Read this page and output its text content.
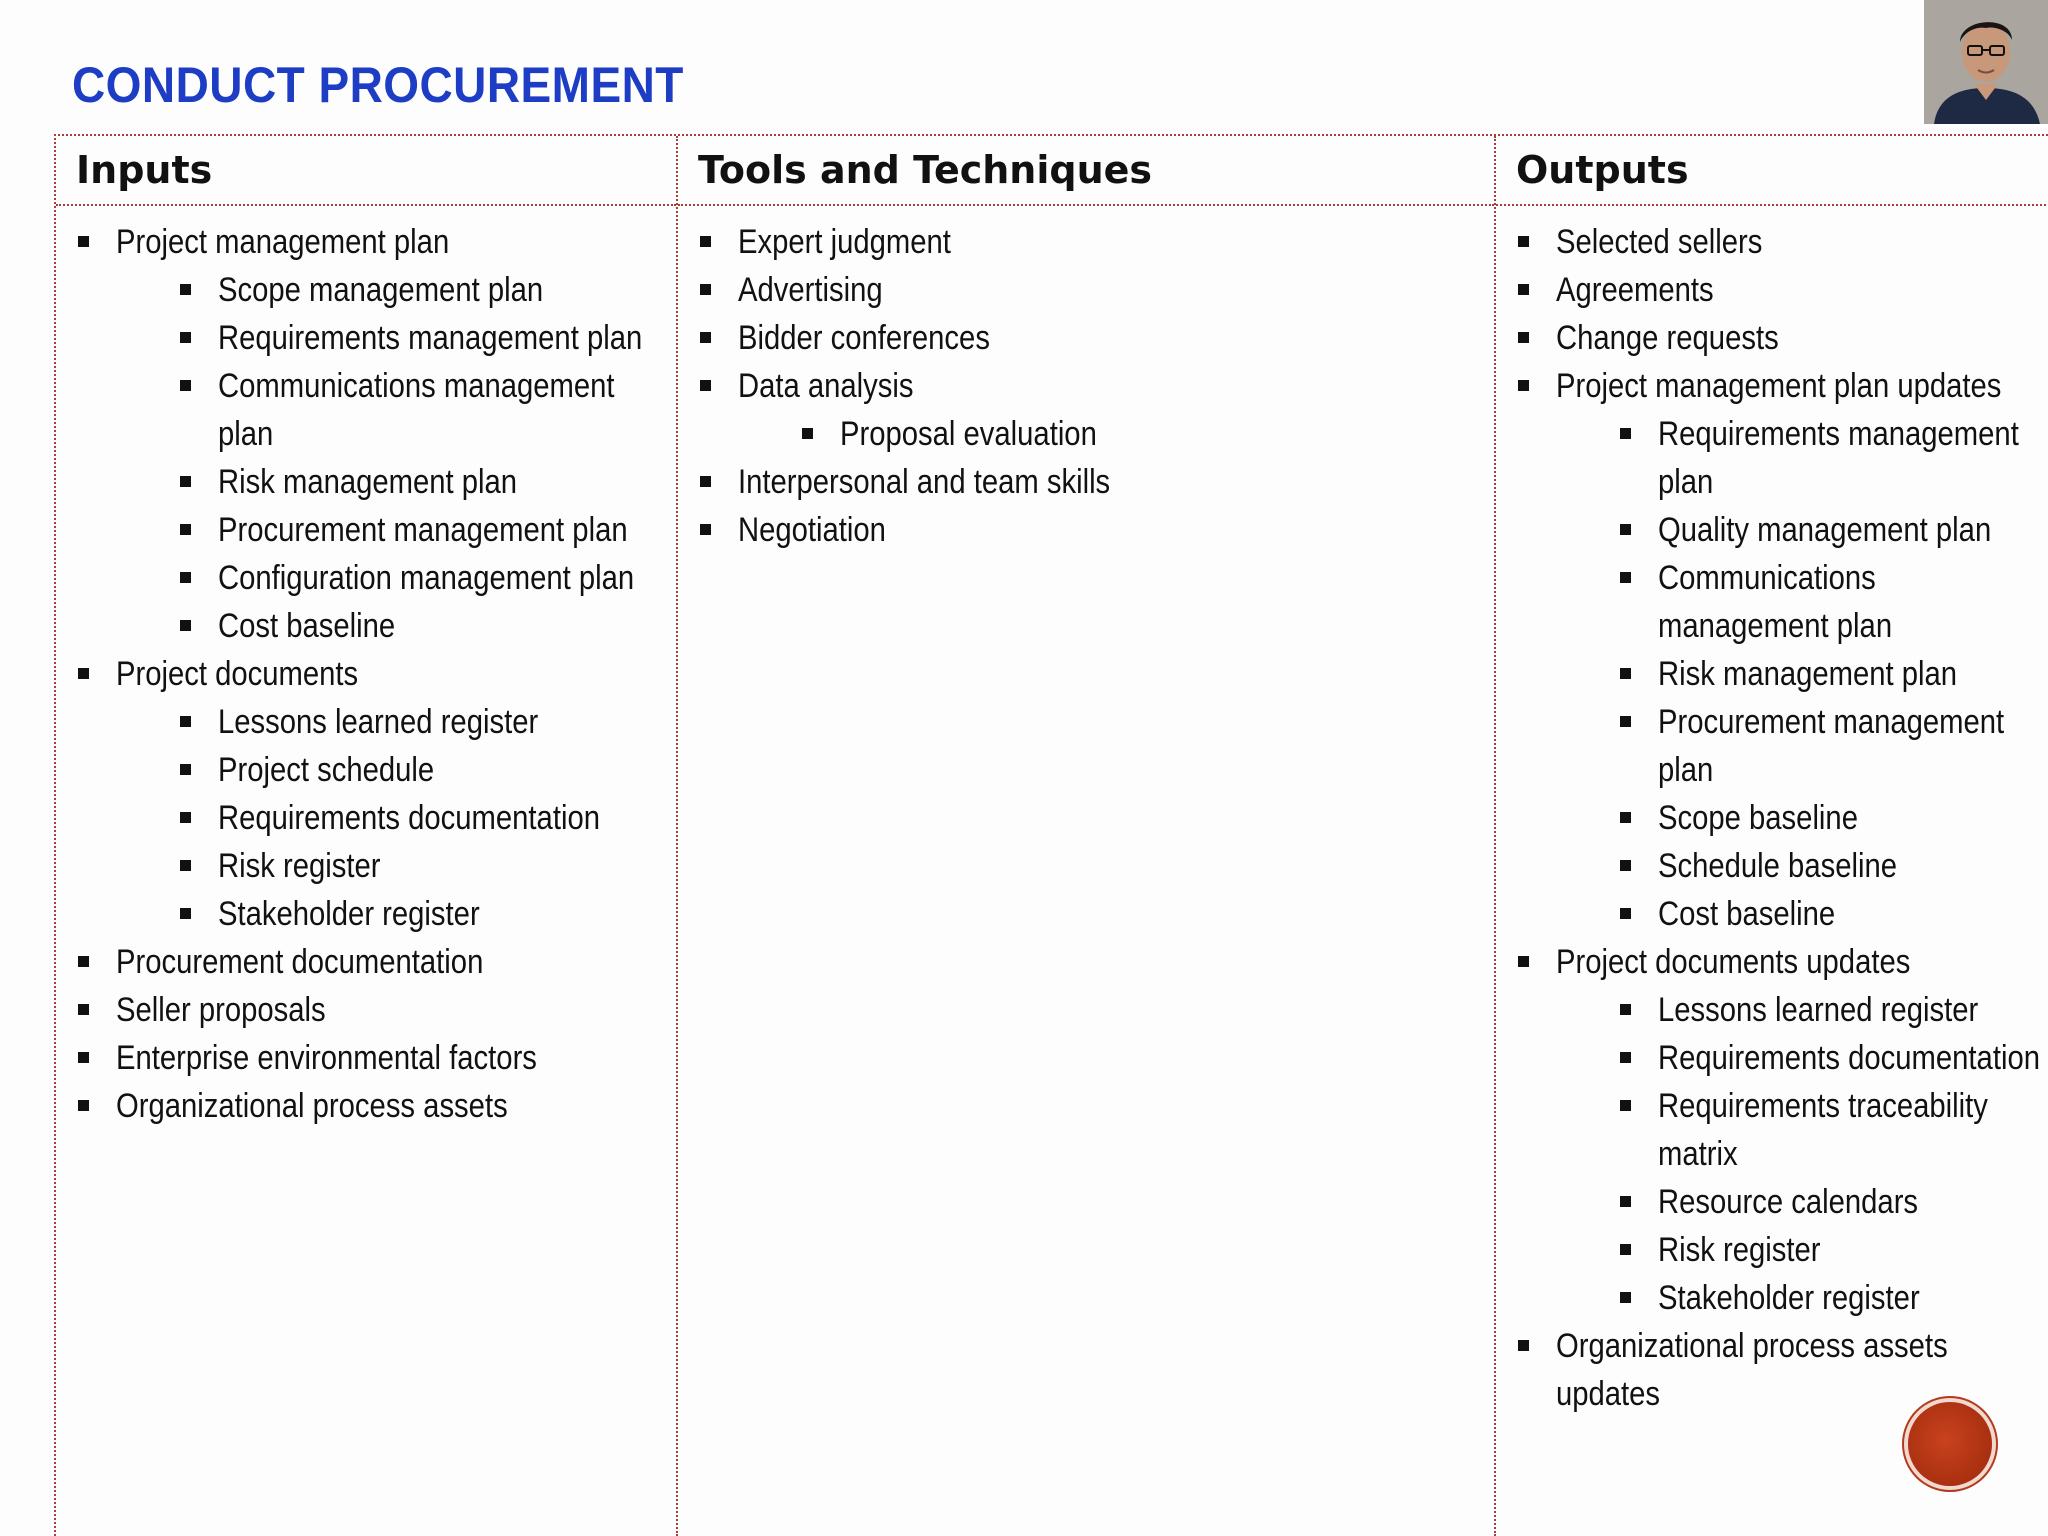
CONDUCT PROCUREMENT
Inputs
Project management plan
Scope management plan
Requirements management plan
Communications management plan
Risk management plan
Procurement management plan
Configuration management plan
Cost baseline
Project documents
Lessons learned register
Project schedule
Requirements documentation
Risk register
Stakeholder register
Procurement documentation
Seller proposals
Enterprise environmental factors
Organizational process assets
Tools and Techniques
Expert judgment
Advertising
Bidder conferences
Data analysis
Proposal evaluation
Interpersonal and team skills
Negotiation
Outputs
Selected sellers
Agreements
Change requests
Project management plan updates
Requirements management plan
Quality management plan
Communications management plan
Risk management plan
Procurement management plan
Scope baseline
Schedule baseline
Cost baseline
Project documents updates
Lessons learned register
Requirements documentation
Requirements traceability matrix
Resource calendars
Risk register
Stakeholder register
Organizational process assets updates
